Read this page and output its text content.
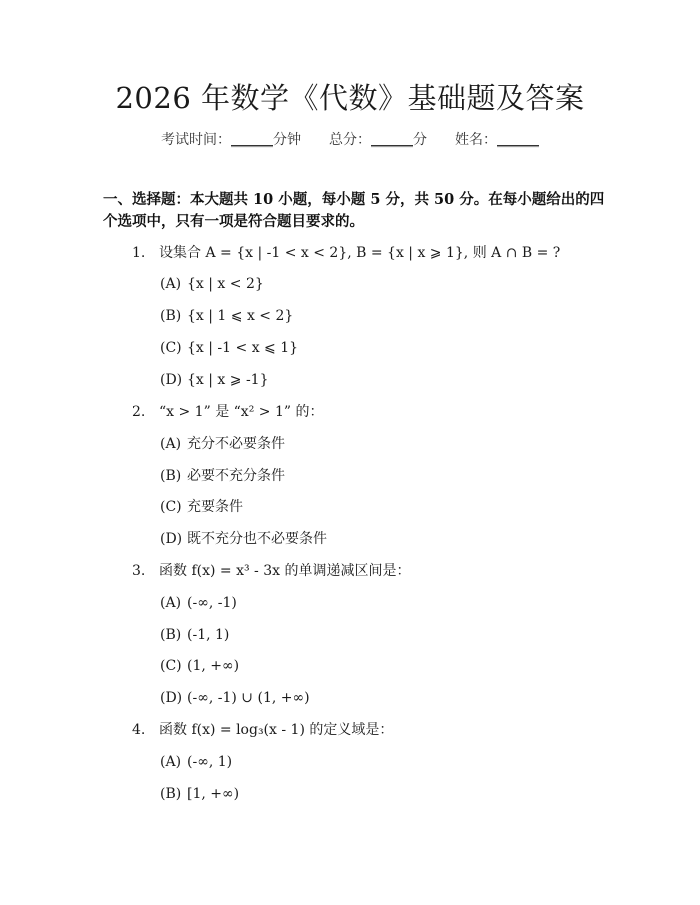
2026 年数学《代数》基础题及答案
考试时间：______分钟 总分：______分 姓名：______
一、选择题：本大题共 10 小题，每小题 5 分，共 50 分。在每小题给出的四个选项中，只有一项是符合题目要求的。
1. 设集合 A = {x | -1 < x < 2}, B = {x | x ⩾ 1}, 则 A ∩ B = ?
(A) {x | x < 2}
(B) {x | 1 ⩽ x < 2}
(C) {x | -1 < x ⩽ 1}
(D) {x | x ⩾ -1}
2. “x > 1” 是 “x² > 1” 的：
(A) 充分不必要条件
(B) 必要不充分条件
(C) 充要条件
(D) 既不充分也不必要条件
3. 函数 f(x) = x³ - 3x 的单调递减区间是：
(A) (-∞, -1)
(B) (-1, 1)
(C) (1, +∞)
(D) (-∞, -1) ∪ (1, +∞)
4. 函数 f(x) = log₃(x - 1) 的定义域是：
(A) (-∞, 1)
(B) [1, +∞)
